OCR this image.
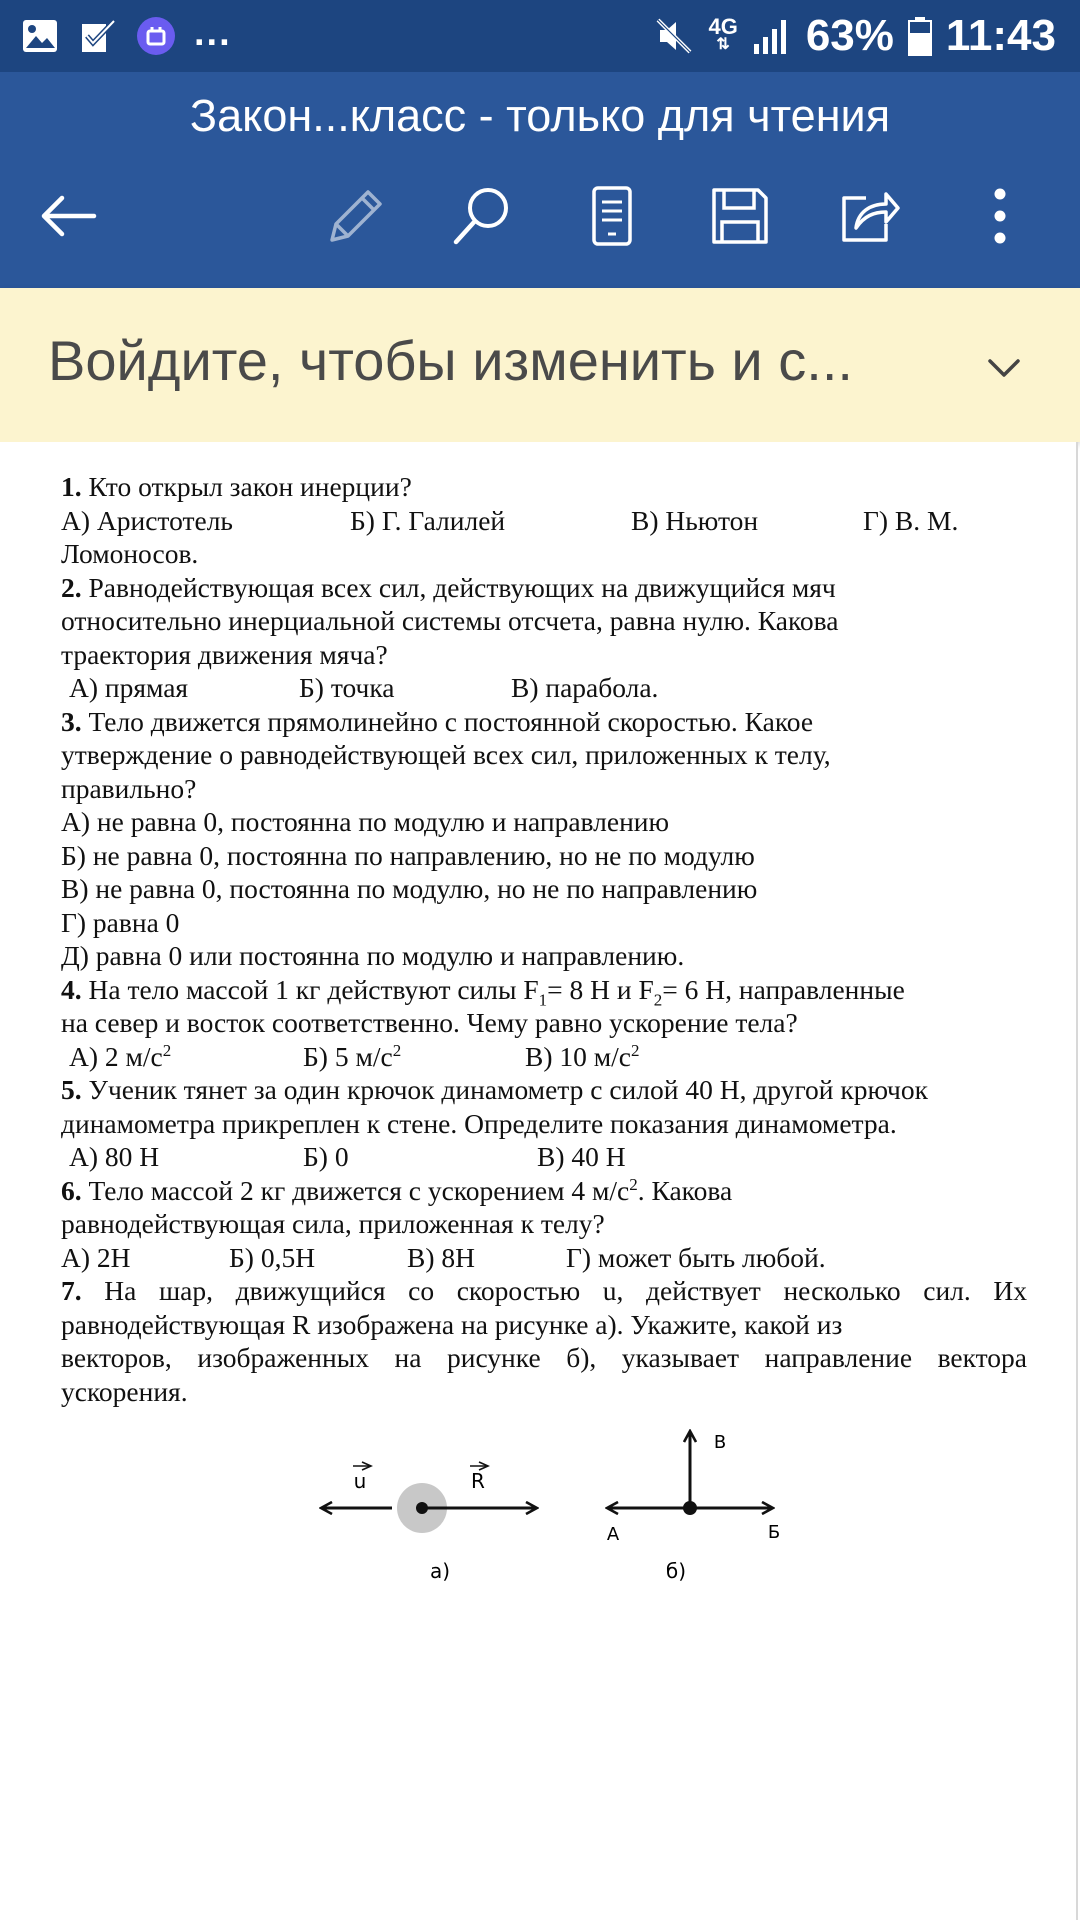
...	4G
⇅ 63% 11:43
Закон...класс - только для чтения
Войдите, чтобы изменить и с...
1. Кто открыл закон инерции?
А) Аристотель	Б) Г. Галилей	В) Ньютон	Г) В. М.
Ломоносов.
2. Равнодействующая всех сил, действующих на движущийся мяч
относительно инерциальной системы отсчета, равна нулю. Какова
траектория движения мяча?
А) прямая	Б) точка	В) парабола.
3. Тело движется прямолинейно с постоянной скоростью. Какое
утверждение о равнодействующей всех сил, приложенных к телу,
правильно?
А) не равна 0, постоянна по модулю и направлению
Б) не равна 0, постоянна по направлению, но не по модулю
В) не равна 0, постоянна по модулю, но не по направлению
Г) равна 0
Д) равна 0 или постоянна по модулю и направлению.
4. На тело массой 1 кг действуют силы $F_1= 8$ Н и $F_2= 6$ Н, направленные
на север и восток соответственно. Чему равно ускорение тела?
А) 2 $м/с^2$	Б) 5 $м/с^2$	В) 10 $м/с^2$
5. Ученик тянет за один крючок динамометр с силой 40 Н, другой крючок
динамометра прикреплен к стене. Определите показания динамометра.
А) 80 Н	Б) 0	В) 40 Н
6. Тело массой 2 кг движется с ускорением 4 $м/с^2$. Какова
равнодействующая сила, приложенная к телу?
А) 2Н	Б) 0,5Н	В) 8Н	Г) может быть любой.
7. На шар, движущийся со скоростью u, действует несколько сил. Их
равнодействующая R изображена на рисунке а). Укажите, какой из
векторов, изображенных на рисунке б), указывает направление вектора
ускорения.
u	R
а)
А	Б
В
б)
